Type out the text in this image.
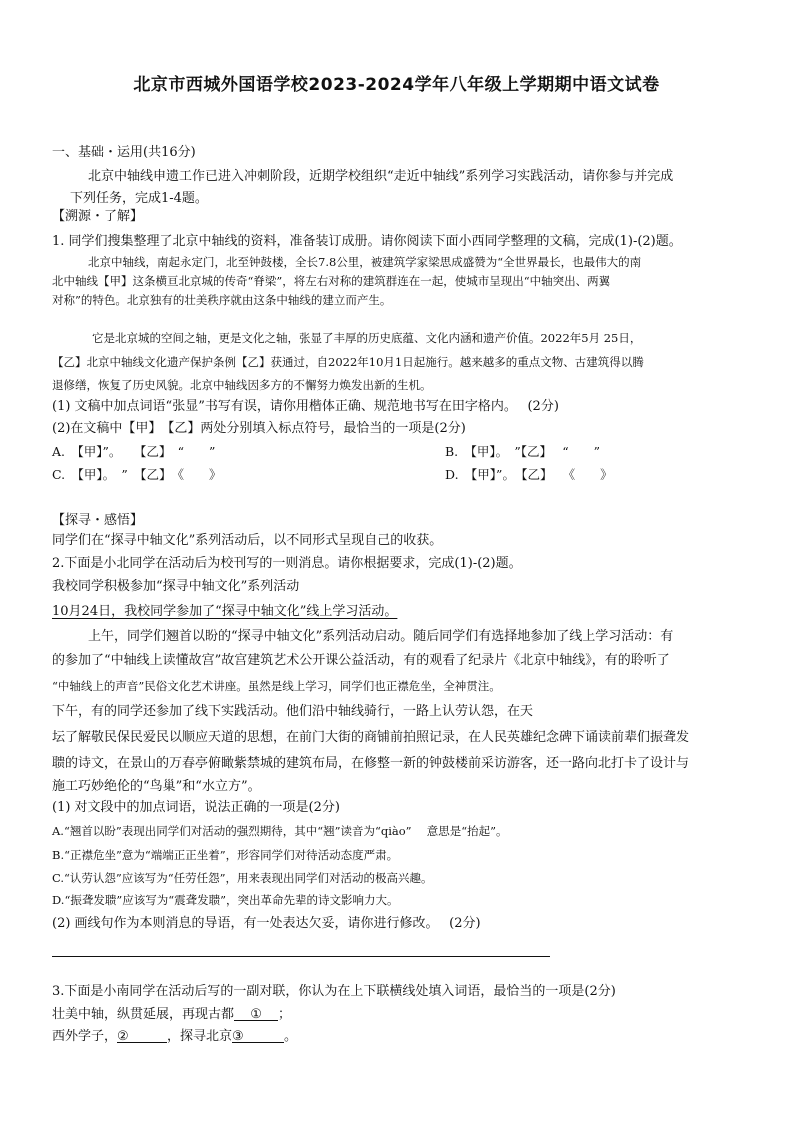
北京市西城外国语学校2023-2024学年八年级上学期期中语文试卷
一、基础・运用(共16分)
北京中轴线申遗工作已进入冲刺阶段，近期学校组织“走近中轴线”系列学习实践活动，请你参与并完成
下列任务，完成1-4题。
【溯源・了解】
1. 同学们搜集整理了北京中轴线的资料，准备装订成册。请你阅读下面小西同学整理的文稿，完成(1)-(2)题。
北京中轴线，南起永定门，北至钟鼓楼，全长7.8公里，被建筑学家梁思成盛赞为“全世界最长，也最伟大的南
北中轴线【甲】这条横亘北京城的传奇“脊梁”，将左右对称的建筑群连在一起，使城市呈现出“中轴突出、两翼
对称”的特色。北京独有的壮美秩序就由这条中轴线的建立而产生。
它是北京城的空间之轴，更是文化之轴，张显了丰厚的历史底蕴、文化内涵和遗产价值。2022年5月 25日，
【乙】北京中轴线文化遗产保护条例【乙】获通过，自2022年10月1日起施行。越来越多的重点文物、古建筑得以腾
退修缮，恢复了历史风貌。北京中轴线因多方的不懈努力焕发出新的生机。
(1) 文稿中加点词语“张显”书写有误，请你用楷体正确、规范地书写在田字格内。　 (2分)
(2)在文稿中【甲】　【乙】两处分别填入标点符号，最恰当的一项是(2分)
A.　【甲】”。　　【乙】　“　　”	B.　【甲】。　”【乙】　 “　　”
C.　【甲】。　”　【乙】　《　　》	D.　【甲】”。　【乙】　 《　　》
【探寻・感悟】
同学们在“探寻中轴文化”系列活动后，以不同形式呈现自己的收获。
2.下面是小北同学在活动后为校刊写的一则消息。请你根据要求，完成(1)-(2)题。
我校同学积极参加“探寻中轴文化”系列活动
10月24日，我校同学参加了“探寻中轴文化”线上学习活动。
上午，同学们翘首以盼的“探寻中轴文化”系列活动启动。随后同学们有选择地参加了线上学习活动：有
的参加了“中轴线上读懂故宫”故宫建筑艺术公开课公益活动，有的观看了纪录片《北京中轴线》，有的聆听了
“中轴线上的声音”民俗文化艺术讲座。虽然是线上学习，同学们也正襟危坐，全神贯注。
下午，有的同学还参加了线下实践活动。他们沿中轴线骑行，一路上认劳认怨，在天
坛了解敬民保民爱民以顺应天道的思想，在前门大街的商铺前拍照记录，在人民英雄纪念碑下诵读前辈们振聋发
聩的诗文，在景山的万春亭俯瞰紫禁城的建筑布局，在修整一新的钟鼓楼前采访游客，还一路向北打卡了设计与
施工巧妙绝伦的“鸟巢”和“水立方”。
(1) 对文段中的加点词语，说法正确的一项是(2分)
A.“翘首以盼”表现出同学们对活动的强烈期待，其中“翘”读音为“qiào”　 意思是“抬起”。
B.“正襟危坐”意为“端端正正坐着”，形容同学们对待活动态度严肃。
C.“认劳认怨”应该写为“任劳任怨”，用来表现出同学们对活动的极高兴趣。
D.“振聋发聩”应该写为“震聋发聩”，突出革命先辈的诗文影响力大。
(2) 画线句作为本则消息的导语，有一处表达欠妥，请你进行修改。　 (2分)
3.下面是小南同学在活动后写的一副对联，你认为在上下联横线处填入词语，最恰当的一项是(2分)
壮美中轴，纵贯延展，再现古都 ① ；
西外学子，②	，探寻北京③	。
